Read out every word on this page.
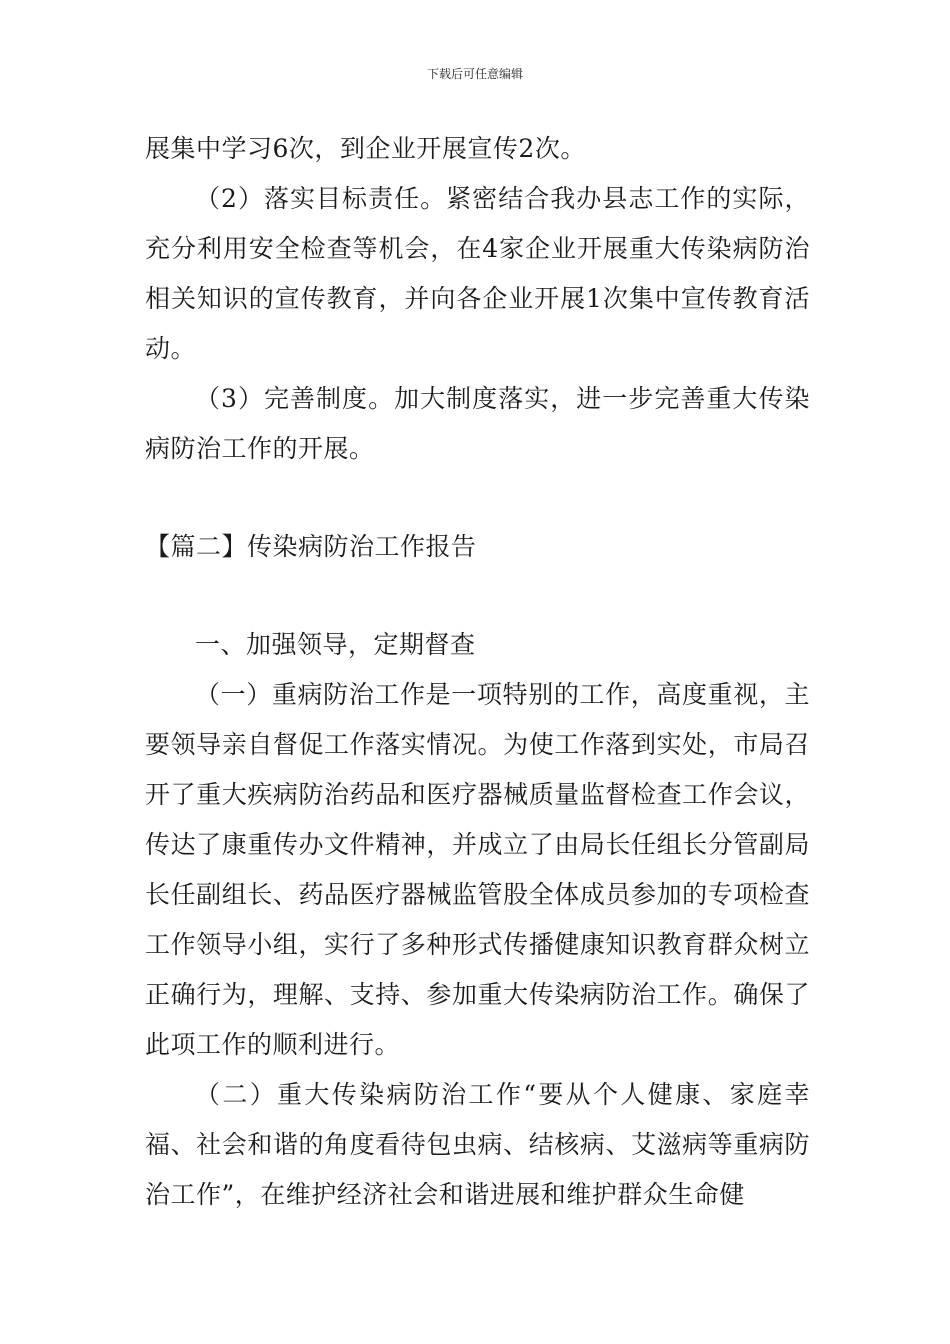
下载后可任意编辑

展集中学习6次，到企业开展宣传2次。

（2）落实目标责任。紧密结合我办县志工作的实际，充分利用安全检查等机会，在4家企业开展重大传染病防治相关知识的宣传教育，并向各企业开展1次集中宣传教育活动。

（3）完善制度。加大制度落实，进一步完善重大传染病防治工作的开展。

【篇二】传染病防治工作报告

一、加强领导，定期督查

（一）重病防治工作是一项特别的工作，高度重视，主要领导亲自督促工作落实情况。为使工作落到实处，市局召开了重大疾病防治药品和医疗器械质量监督检查工作会议，传达了康重传办文件精神，并成立了由局长任组长分管副局长任副组长、药品医疗器械监管股全体成员参加的专项检查工作领导小组，实行了多种形式传播健康知识教育群众树立正确行为，理解、支持、参加重大传染病防治工作。确保了此项工作的顺利进行。

（二）重大传染病防治工作“要从个人健康、家庭幸福、社会和谐的角度看待包虫病、结核病、艾滋病等重病防治工作”，在维护经济社会和谐进展和维护群众生命健
